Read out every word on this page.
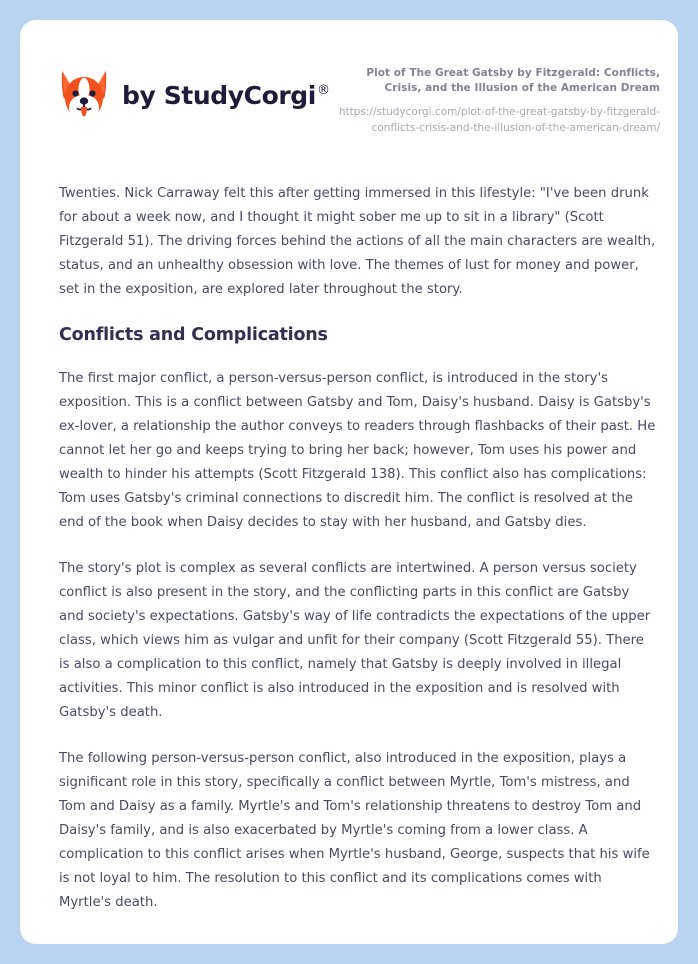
by StudyCorgi®

Plot of The Great Gatsby by Fitzgerald: Conflicts, Crisis, and the Illusion of the American Dream

https://studycorgi.com/plot-of-the-great-gatsby-by-fitzgerald-conflicts-crisis-and-the-illusion-of-the-american-dream/

Twenties. Nick Carraway felt this after getting immersed in this lifestyle: "I've been drunk for about a week now, and I thought it might sober me up to sit in a library" (Scott Fitzgerald 51). The driving forces behind the actions of all the main characters are wealth, status, and an unhealthy obsession with love. The themes of lust for money and power, set in the exposition, are explored later throughout the story.

Conflicts and Complications

The first major conflict, a person-versus-person conflict, is introduced in the story's exposition. This is a conflict between Gatsby and Tom, Daisy's husband. Daisy is Gatsby's ex-lover, a relationship the author conveys to readers through flashbacks of their past. He cannot let her go and keeps trying to bring her back; however, Tom uses his power and wealth to hinder his attempts (Scott Fitzgerald 138). This conflict also has complications: Tom uses Gatsby's criminal connections to discredit him. The conflict is resolved at the end of the book when Daisy decides to stay with her husband, and Gatsby dies.

The story's plot is complex as several conflicts are intertwined. A person versus society conflict is also present in the story, and the conflicting parts in this conflict are Gatsby and society's expectations. Gatsby's way of life contradicts the expectations of the upper class, which views him as vulgar and unfit for their company (Scott Fitzgerald 55). There is also a complication to this conflict, namely that Gatsby is deeply involved in illegal activities. This minor conflict is also introduced in the exposition and is resolved with Gatsby's death.

The following person-versus-person conflict, also introduced in the exposition, plays a significant role in this story, specifically a conflict between Myrtle, Tom's mistress, and Tom and Daisy as a family. Myrtle's and Tom's relationship threatens to destroy Tom and Daisy's family, and is also exacerbated by Myrtle's coming from a lower class. A complication to this conflict arises when Myrtle's husband, George, suspects that his wife is not loyal to him. The resolution to this conflict and its complications comes with Myrtle's death.
